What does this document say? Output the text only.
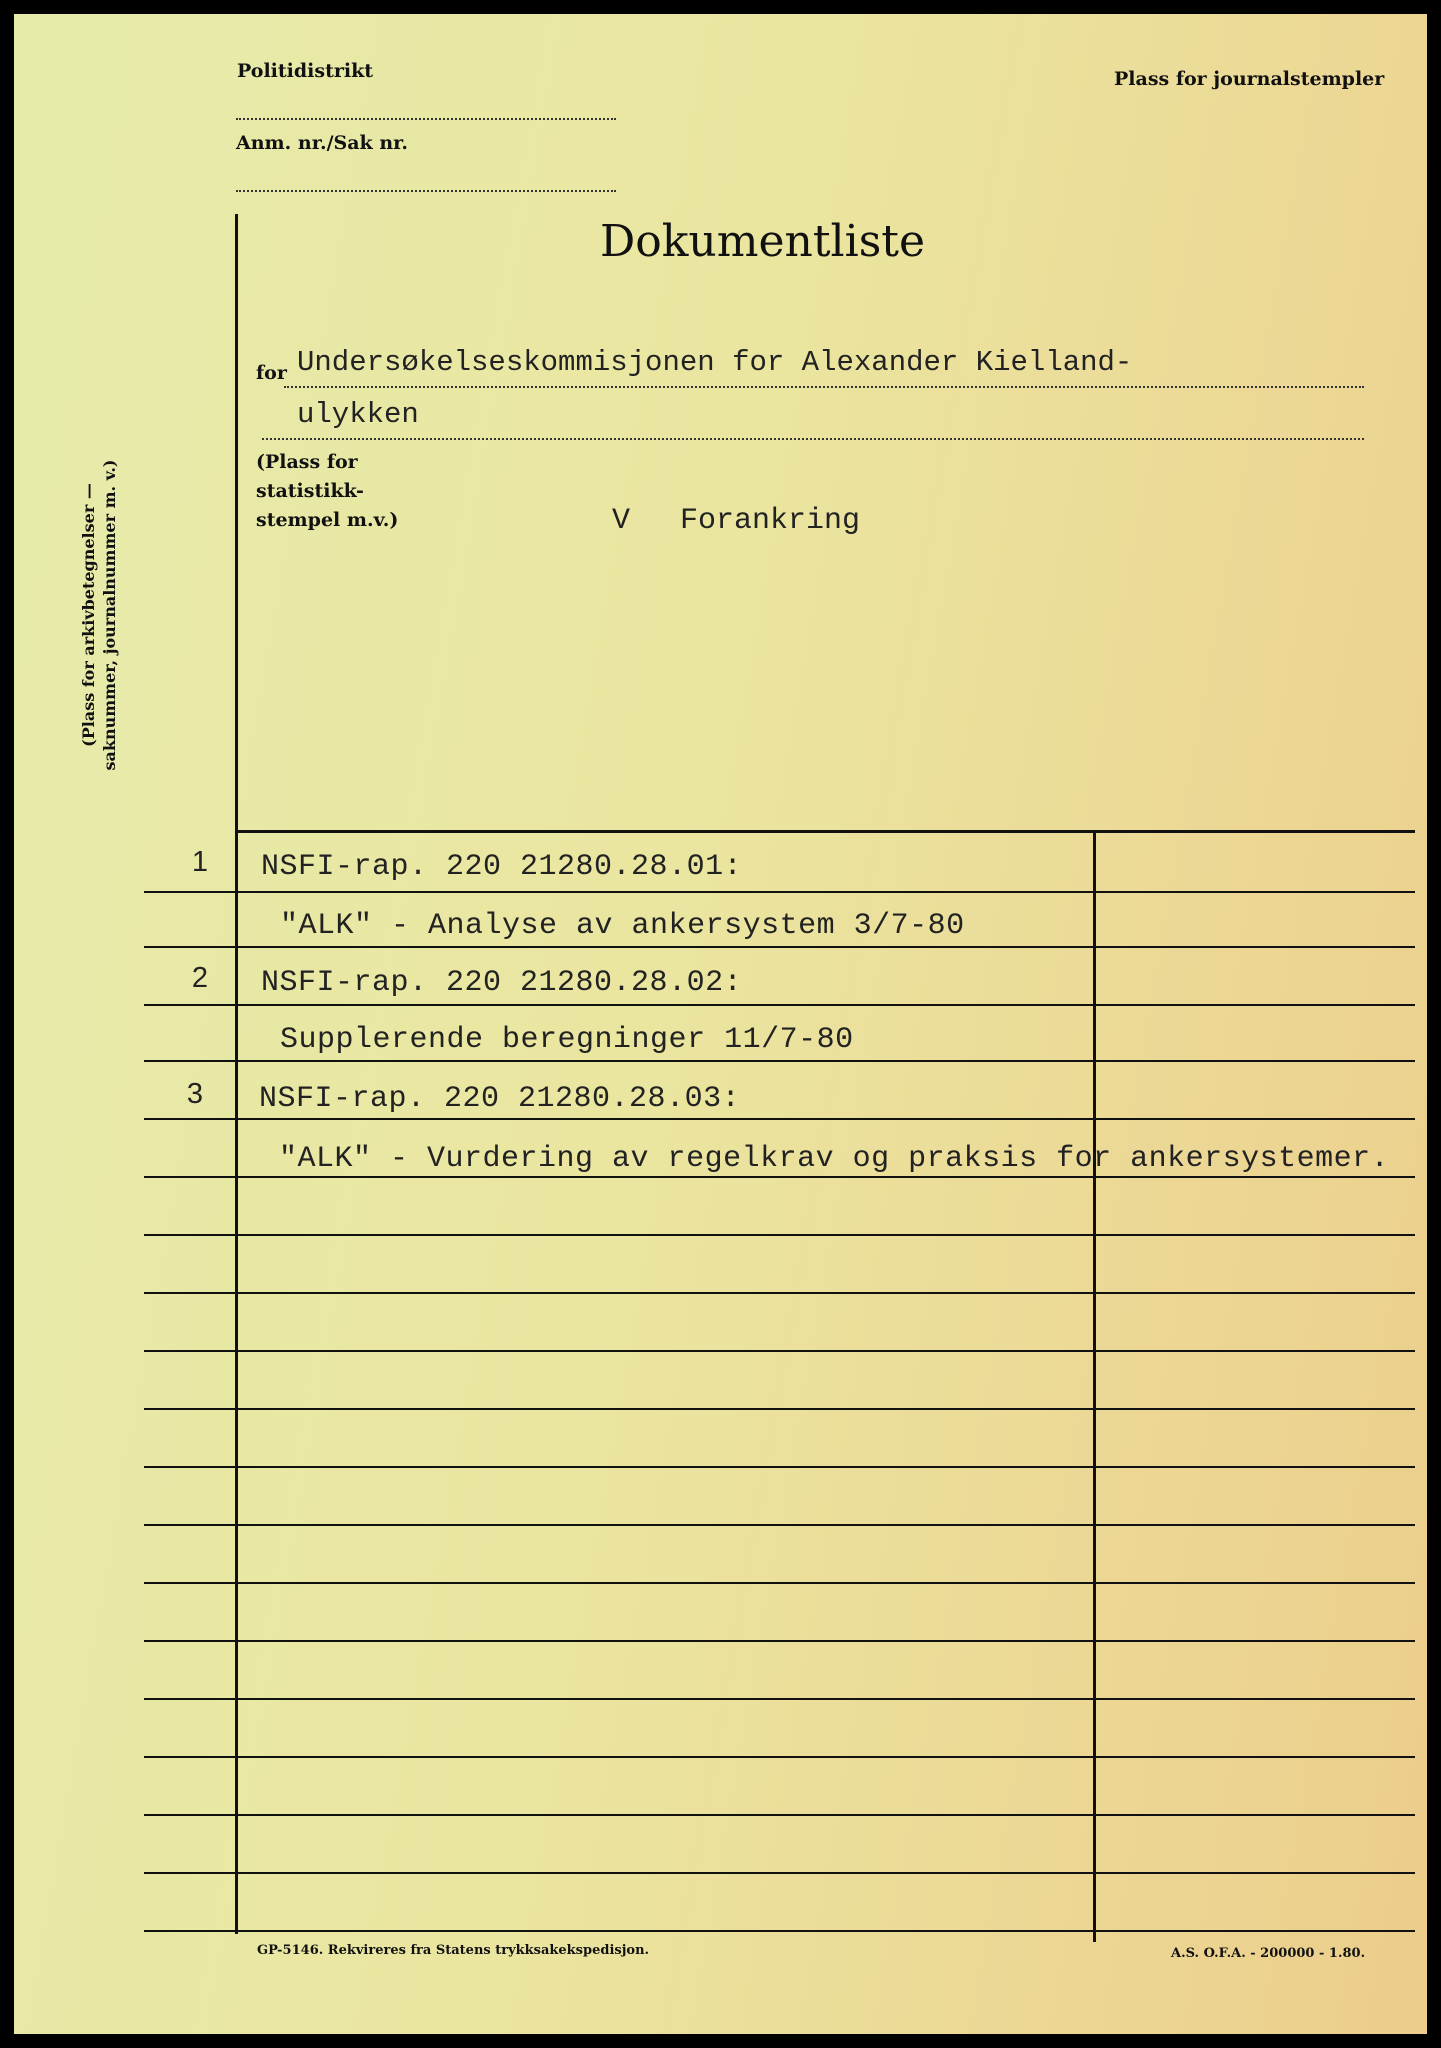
Politidistrikt
Anm. nr./Sak nr.
Plass for journalstempler
Dokumentliste
for Undersøkelseskommisjonen for Alexander Kielland-
ulykken
(Plass for
statistikk-
stempel m.v.)	V Forankring
(Plass for arkivbetegnelser — saknummer, journalnummer m. v.)
1	NSFI-rap. 220 21280.28.01:
"ALK" - Analyse av ankersystem 3/7-80
2	NSFI-rap. 220 21280.28.02:
Supplerende beregninger 11/7-80
3	NSFI-rap. 220 21280.28.03:
"ALK" - Vurdering av regelkrav og praksis for ankersystemer.
GP-5146. Rekvireres fra Statens trykksakekspedisjon.	A.S. O.F.A. - 200000 - 1.80.
